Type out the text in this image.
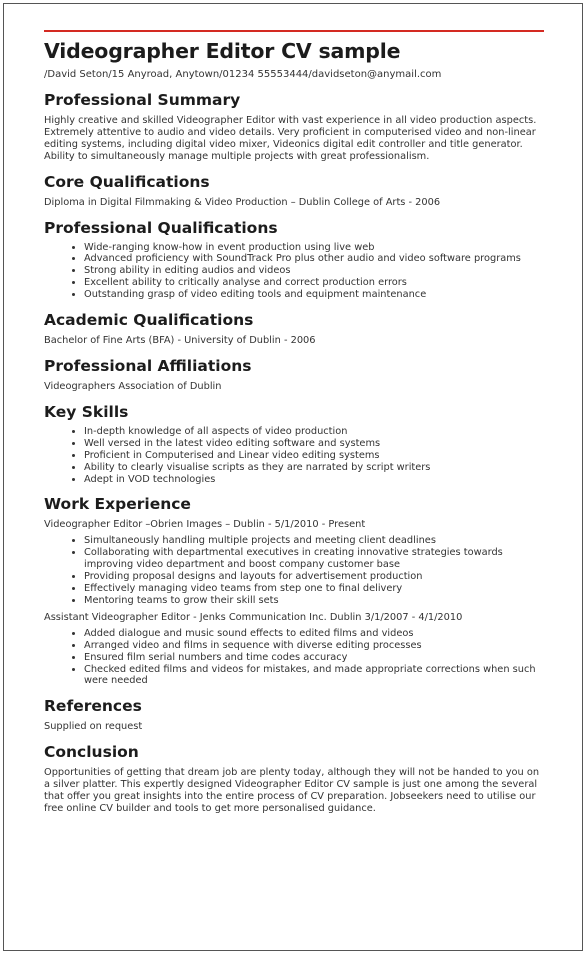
Videographer Editor CV sample
/David Seton/15 Anyroad, Anytown/01234 55553444/davidseton@anymail.com
Professional Summary

Highly creative and skilled Videographer Editor with vast experience in all video production aspects. Extremely attentive to audio and video details. Very proficient in computerised video and non-linear editing systems, including digital video mixer, Videonics digital edit controller and title generator. Ability to simultaneously manage multiple projects with great professionalism.

Core Qualifications

Diploma in Digital Filmmaking & Video Production – Dublin College of Arts - 2006

Professional Qualifications
• Wide-ranging know-how in event production using live web
• Advanced proficiency with SoundTrack Pro plus other audio and video software programs
• Strong ability in editing audios and videos
• Excellent ability to critically analyse and correct production errors
• Outstanding grasp of video editing tools and equipment maintenance
Academic Qualifications

Bachelor of Fine Arts (BFA) - University of Dublin - 2006

Professional Affiliations

Videographers Association of Dublin

Key Skills
• In-depth knowledge of all aspects of video production
• Well versed in the latest video editing software and systems
• Proficient in Computerised and Linear video editing systems
• Ability to clearly visualise scripts as they are narrated by script writers
• Adept in VOD technologies
Work Experience
Videographer Editor –Obrien Images – Dublin - 5/1/2010 - Present
• Simultaneously handling multiple projects and meeting client deadlines
• Collaborating with departmental executives in creating innovative strategies towards improving video department and boost company customer base
• Providing proposal designs and layouts for advertisement production
• Effectively managing video teams from step one to final delivery
• Mentoring teams to grow their skill sets
Assistant Videographer Editor - Jenks Communication Inc. Dublin 3/1/2007 - 4/1/2010
• Added dialogue and music sound effects to edited films and videos
• Arranged video and films in sequence with diverse editing processes
• Ensured film serial numbers and time codes accuracy
• Checked edited films and videos for mistakes, and made appropriate corrections when such were needed
References

Supplied on request

Conclusion

Opportunities of getting that dream job are plenty today, although they will not be handed to you on a silver platter. This expertly designed Videographer Editor CV sample is just one among the several that offer you great insights into the entire process of CV preparation. Jobseekers need to utilise our free online CV builder and tools to get more personalised guidance.
